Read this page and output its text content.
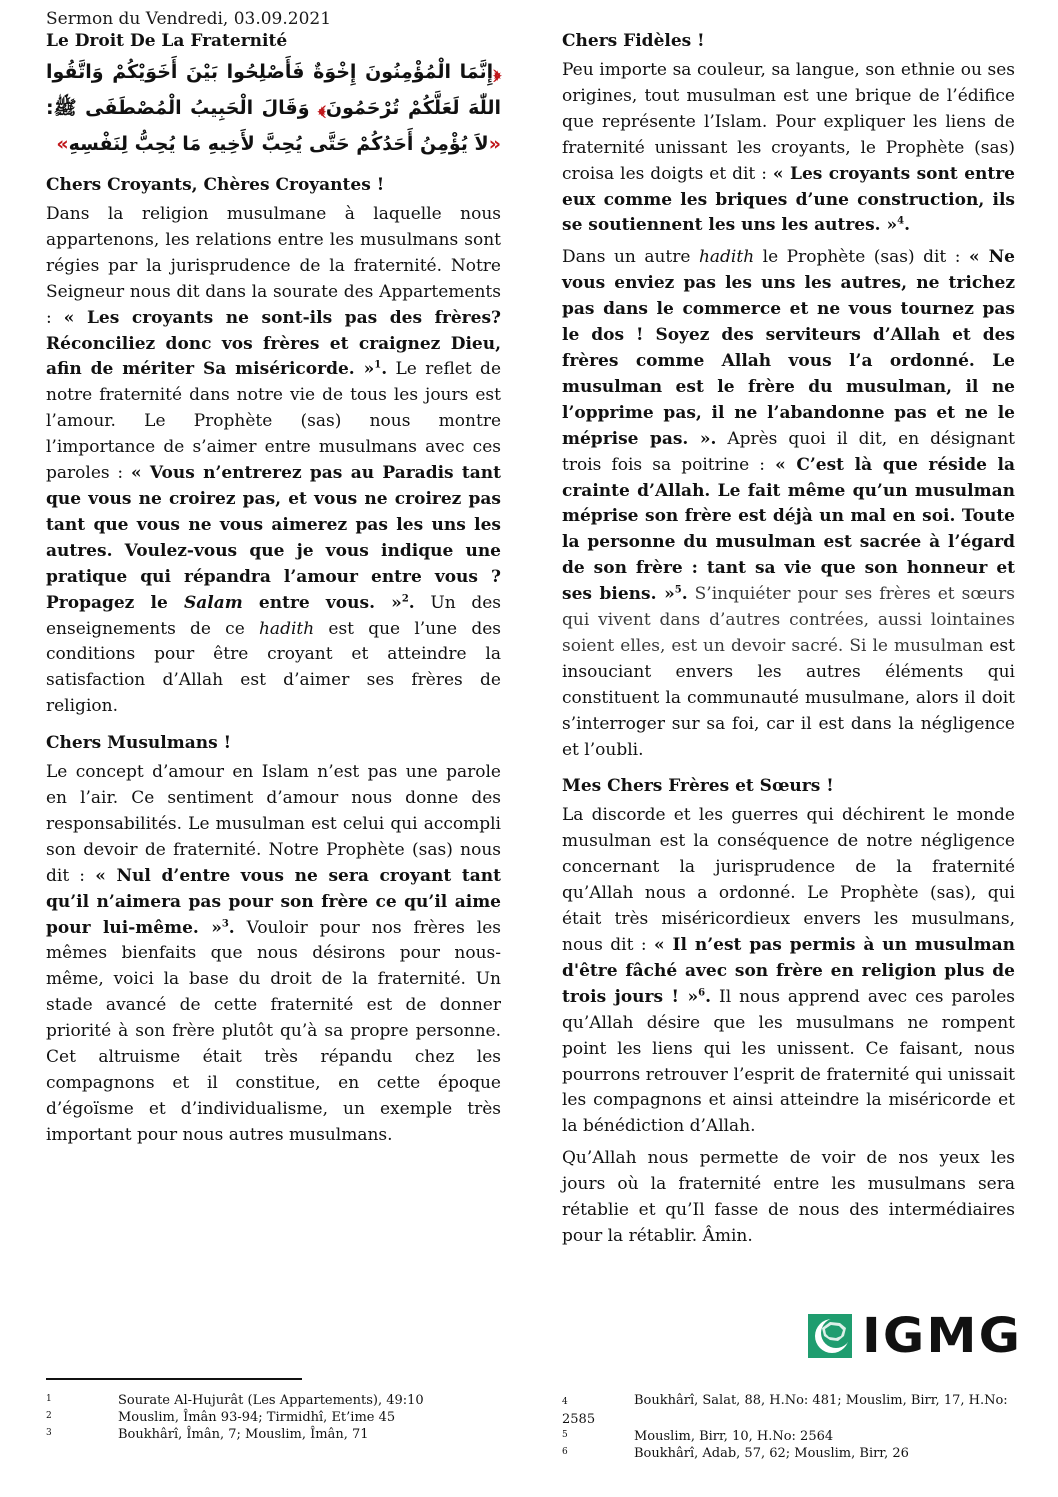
Sermon du Vendredi, 03.09.2021
Le Droit De La Fraternité
﴿إِنَّمَا الْمُؤْمِنُونَ إِخْوَةٌ فَأَصْلِحُوا بَيْنَ أَخَوَيْكُمْ وَاتَّقُوا اللّٰهَ لَعَلَّكُمْ تُرْحَمُونَ﴾ وَقَالَ الْحَبِيبُ الْمُصْطَفَى ﷺ: «لاَ يُؤْمِنُ أَحَدُكُمْ حَتَّى يُحِبَّ لأَخِيهِ مَا يُحِبُّ لِنَفْسِهِ»
Chers Croyants, Chères Croyantes !

Dans la religion musulmane à laquelle nous appartenons, les relations entre les musulmans sont régies par la jurisprudence de la fraternité. Notre Seigneur nous dit dans la sourate des Appartements : « Les croyants ne sont-ils pas des frères? Réconciliez donc vos frères et craignez Dieu, afin de mériter Sa miséricorde. »$^1$. Le reflet de notre fraternité dans notre vie de tous les jours est l’amour. Le Prophète (sas) nous montre l’importance de s’aimer entre musulmans avec ces paroles : « Vous n’entrerez pas au Paradis tant que vous ne croirez pas, et vous ne croirez pas tant que vous ne vous aimerez pas les uns les autres. Voulez-vous que je vous indique une pratique qui répandra l’amour entre vous ? Propagez le Salam entre vous. »$^2$. Un des enseignements de ce hadith est que l’une des conditions pour être croyant et atteindre la satisfaction d’Allah est d’aimer ses frères de religion.

Chers Musulmans !

Le concept d’amour en Islam n’est pas une parole en l’air. Ce sentiment d’amour nous donne des responsabilités. Le musulman est celui qui accompli son devoir de fraternité. Notre Prophète (sas) nous dit : « Nul d’entre vous ne sera croyant tant qu’il n’aimera pas pour son frère ce qu’il aime pour lui-même. »$^3$. Vouloir pour nos frères les mêmes bienfaits que nous désirons pour nous-même, voici la base du droit de la fraternité. Un stade avancé de cette fraternité est de donner priorité à son frère plutôt qu’à sa propre personne. Cet altruisme était très répandu chez les compagnons et il constitue, en cette époque d’égoïsme et d’individualisme, un exemple très important pour nous autres musulmans.

Chers Fidèles !

Peu importe sa couleur, sa langue, son ethnie ou ses origines, tout musulman est une brique de l’édifice que représente l’Islam. Pour expliquer les liens de fraternité unissant les croyants, le Prophète (sas) croisa les doigts et dit : « Les croyants sont entre eux comme les briques d’une construction, ils se soutiennent les uns les autres. »$^4$.

Dans un autre hadith le Prophète (sas) dit : « Ne vous enviez pas les uns les autres, ne trichez pas dans le commerce et ne vous tournez pas le dos ! Soyez des serviteurs d’Allah et des frères comme Allah vous l’a ordonné. Le musulman est le frère du musulman, il ne l’opprime pas, il ne l’abandonne pas et ne le méprise pas. ». Après quoi il dit, en désignant trois fois sa poitrine : « C’est là que réside la crainte d’Allah. Le fait même qu’un musulman méprise son frère est déjà un mal en soi. Toute la personne du musulman est sacrée à l’égard de son frère : tant sa vie que son honneur et ses biens. »$^5$. S’inquiéter pour ses frères et sœurs qui vivent dans d’autres contrées, aussi lointaines soient elles, est un devoir sacré. Si le musulman est insouciant envers les autres éléments qui constituent la communauté musulmane, alors il doit s’interroger sur sa foi, car il est dans la négligence et l’oubli.

Mes Chers Frères et Sœurs !

La discorde et les guerres qui déchirent le monde musulman est la conséquence de notre négligence concernant la jurisprudence de la fraternité qu’Allah nous a ordonné. Le Prophète (sas), qui était très miséricordieux envers les musulmans, nous dit : « Il n’est pas permis à un musulman d'être fâché avec son frère en religion plus de trois jours ! »$^6$. Il nous apprend avec ces paroles qu’Allah désire que les musulmans ne rompent point les liens qui les unissent. Ce faisant, nous pourrons retrouver l’esprit de fraternité qui unissait les compagnons et ainsi atteindre la miséricorde et la bénédiction d’Allah.

Qu’Allah nous permette de voir de nos yeux les jours où la fraternité entre les musulmans sera rétablie et qu’Il fasse de nous des intermédiaires pour la rétablir. Âmin.

IGMG
1	Sourate Al-Hujurât (Les Appartements), 49:10
2	Mouslim, Îmân 93-94; Tirmidhî, Et’ime 45
3	Boukhârî, Îmân, 7; Mouslim, Îmân, 71
4	Boukhârî, Salat, 88, H.No: 481; Mouslim, Birr, 17, H.No: 2585
5	Mouslim, Birr, 10, H.No: 2564
6	Boukhârî, Adab, 57, 62; Mouslim, Birr, 26
